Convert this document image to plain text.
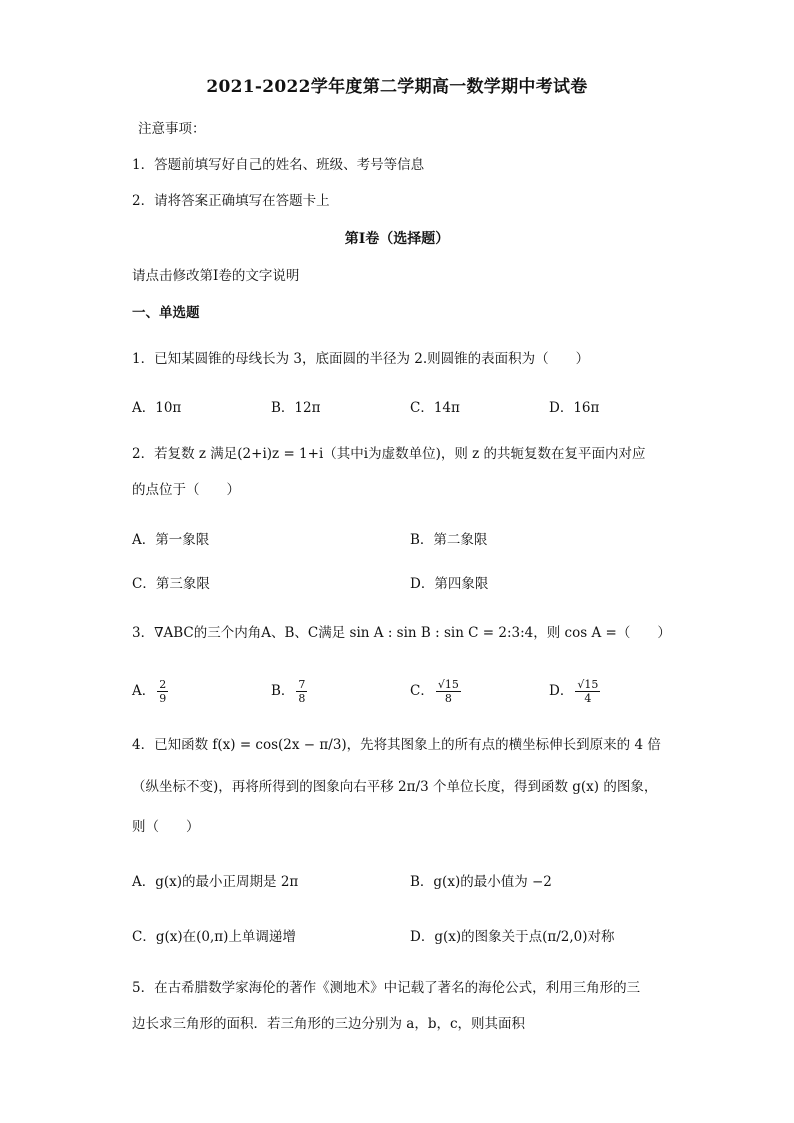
2021-2022学年度第二学期高一数学期中考试卷
注意事项：
1．答题前填写好自己的姓名、班级、考号等信息
2．请将答案正确填写在答题卡上
第I卷（选择题）
请点击修改第I卷的文字说明
一、单选题
1．已知某圆锥的母线长为 3，底面圆的半径为 2.则圆锥的表面积为（　　）
A．10π	B．12π	C．14π	D．16π
2．若复数 z 满足(2+i)z = 1+i（其中i为虚数单位)，则 z 的共轭复数在复平面内对应
的点位于（　　）
A．第一象限	B．第二象限
C．第三象限	D．第四象限
3．∇ABC的三个内角A、B、C满足 sin A : sin B : sin C = 2:3:4，则 cos A =（　　）
A． $\frac{2}{9}$	B． $\frac{7}{8}$	C． $\frac{√15}{8}$	D． $\frac{√15}{4}$
4．已知函数 f(x) = cos(2x − π/3)，先将其图象上的所有点的横坐标伸长到原来的 4 倍
（纵坐标不变)，再将所得到的图象向右平移 2π/3 个单位长度，得到函数 g(x) 的图象，
则（　　）
A．g(x)的最小正周期是 2π	B．g(x)的最小值为 −2
C．g(x)在(0,π)上单调递增	D．g(x)的图象关于点(π/2,0)对称
5．在古希腊数学家海伦的著作《测地术》中记载了著名的海伦公式，利用三角形的三
边长求三角形的面积．若三角形的三边分别为 a，b，c，则其面积
